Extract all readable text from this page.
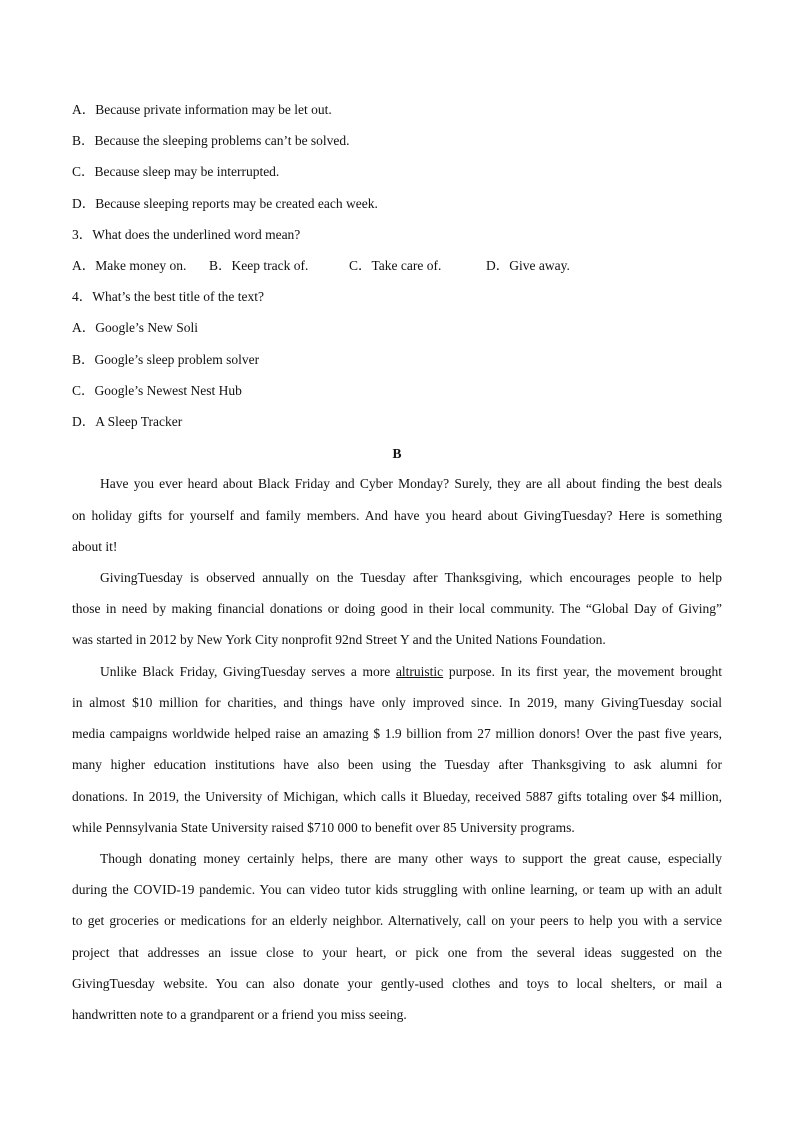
A．Because private information may be let out.
B．Because the sleeping problems can’t be solved.
C．Because sleep may be interrupted.
D．Because sleeping reports may be created each week.
3．What does the underlined word mean?
A．Make money on. B．Keep track of.	C．Take care of.	D．Give away.
4．What’s the best title of the text?
A．Google’s New Soli
B．Google’s sleep problem solver
C．Google’s Newest Nest Hub
D．A Sleep Tracker
B
Have you ever heard about Black Friday and Cyber Monday? Surely, they are all about finding the best deals
on holiday gifts for yourself and family members. And have you heard about GivingTuesday? Here is something
about it!
GivingTuesday is observed annually on the Tuesday after Thanksgiving, which encourages people to help
those in need by making financial donations or doing good in their local community. The “Global Day of Giving”
was started in 2012 by New York City nonprofit 92nd Street Y and the United Nations Foundation.
Unlike Black Friday, GivingTuesday serves a more altruistic purpose. In its first year, the movement brought
in almost $10 million for charities, and things have only improved since. In 2019, many GivingTuesday social
media campaigns worldwide helped raise an amazing $ 1.9 billion from 27 million donors! Over the past five years,
many higher education institutions have also been using the Tuesday after Thanksgiving to ask alumni for
donations. In 2019, the University of Michigan, which calls it Blueday, received 5887 gifts totaling over $4 million,
while Pennsylvania State University raised $710 000 to benefit over 85 University programs.
Though donating money certainly helps, there are many other ways to support the great cause, especially
during the COVID-19 pandemic. You can video tutor kids struggling with online learning, or team up with an adult
to get groceries or medications for an elderly neighbor. Alternatively, call on your peers to help you with a service
project that addresses an issue close to your heart, or pick one from the several ideas suggested on the
GivingTuesday website. You can also donate your gently-used clothes and toys to local shelters, or mail a
handwritten note to a grandparent or a friend you miss seeing.
